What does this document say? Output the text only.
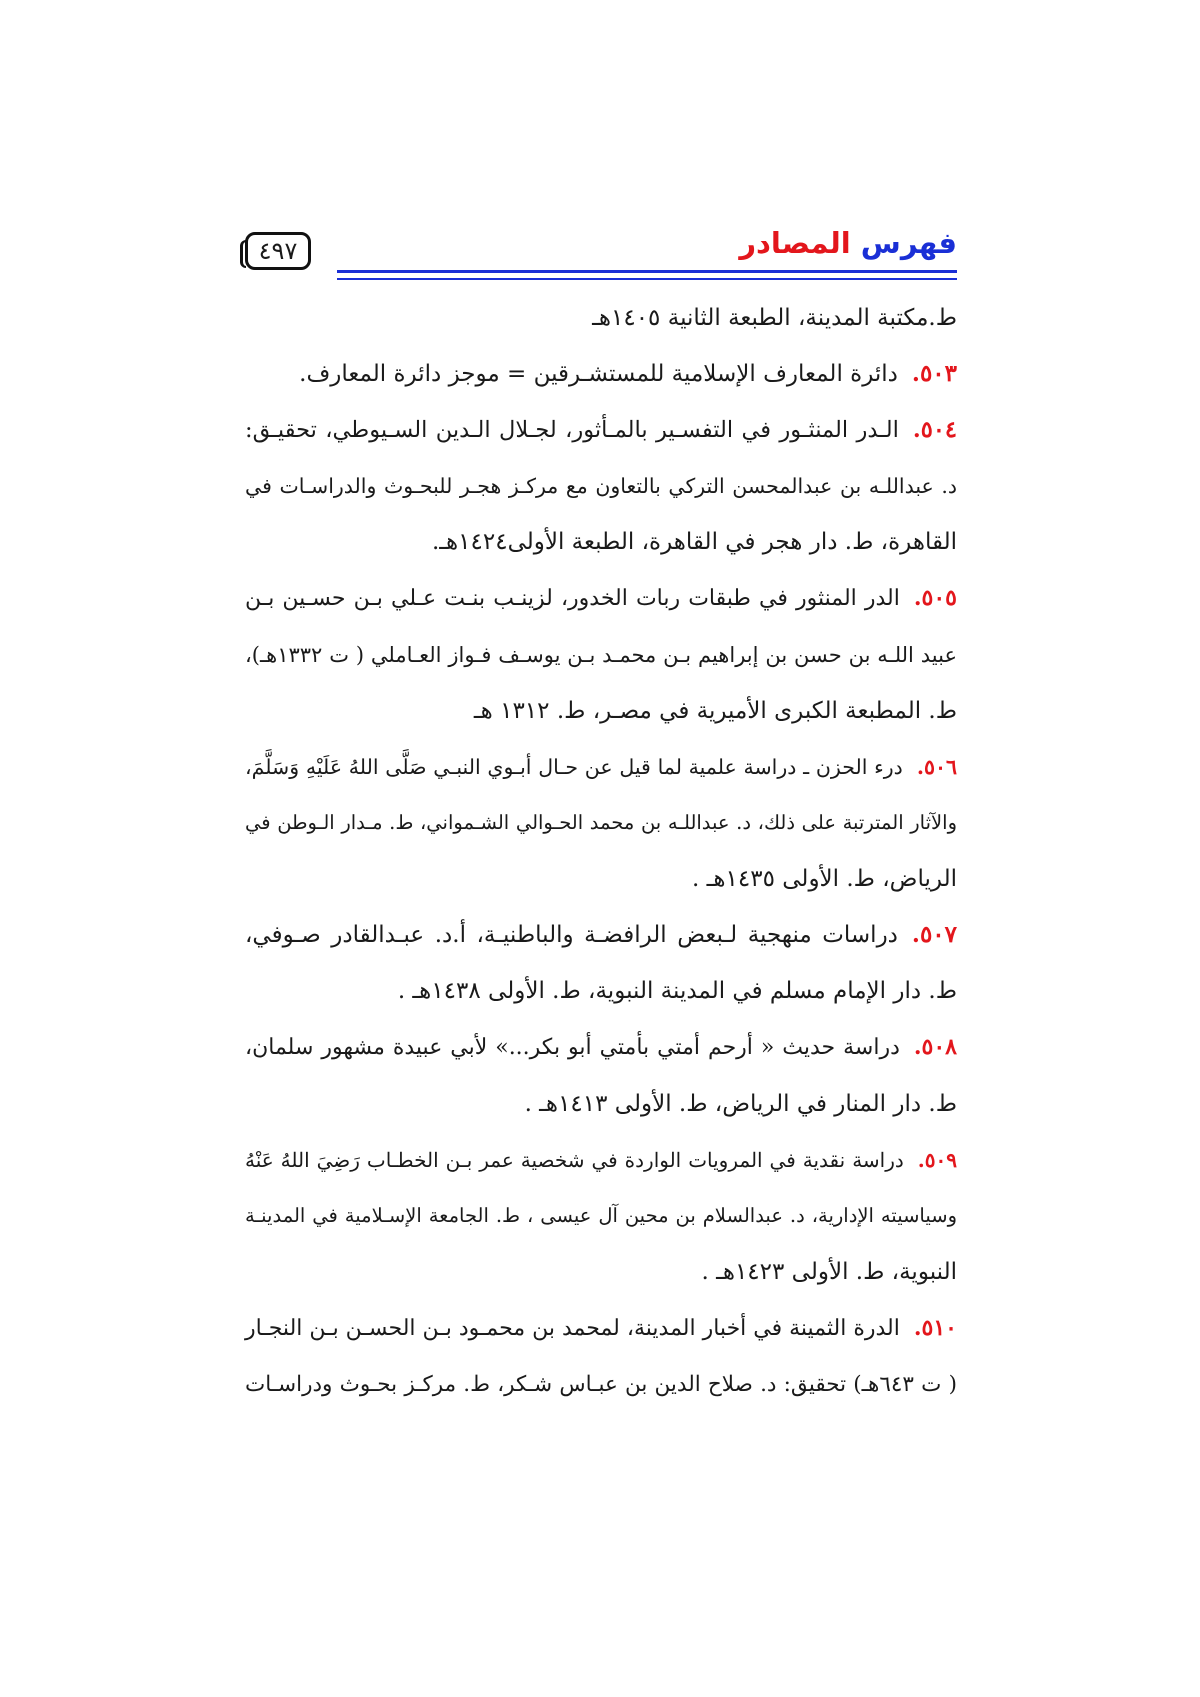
٤٩٧	فهرس المصادر
ط.مكتبة المدينة، الطبعة الثانية ١٤٠٥هـ
٥٠٣.دائرة المعارف الإسلامية للمستشـرقين = موجز دائرة المعارف.
٥٠٤.الـدر المنثـور في التفسـير بالمـأثور، لجـلال الـدين السـيوطي، تحقيـق:
د. عبداللـه بن عبدالمحسن التركي بالتعاون مع مركـز هجـر للبحـوث والدراسـات في
القاهرة، ط. دار هجر في القاهرة، الطبعة الأولى١٤٢٤هـ.
٥٠٥.الدر المنثور في طبقات ربات الخدور، لزينـب بنـت عـلي بـن حسـين بـن
عبيد اللـه بن حسن بن إبراهيم بـن محمـد بـن يوسـف فـواز العـاملي ( ت ١٣٣٢هـ)،
ط. المطبعة الكبرى الأميرية في مصـر، ط. ١٣١٢ هـ
٥٠٦.درء الحزن ـ دراسة علمية لما قيل عن حـال أبـوي النبـي صَلَّى اللهُ عَلَيْهِ وَسَلَّمَ،
والآثار المترتبة على ذلك، د. عبداللـه بن محمد الحـوالي الشـمواني، ط. مـدار الـوطن في
الرياض، ط. الأولى ١٤٣٥هـ .
٥٠٧.دراسات منهجية لـبعض الرافضـة والباطنيـة، أ.د. عبـدالقادر صـوفي،
ط. دار الإمام مسلم في المدينة النبوية، ط. الأولى ١٤٣٨هـ .
٥٠٨.دراسة حديث « أرحم أمتي بأمتي أبو بكر...» لأبي عبيدة مشهور سلمان،
ط. دار المنار في الرياض، ط. الأولى ١٤١٣هـ .
٥٠٩.دراسة نقدية في المرويات الواردة في شخصية عمر بـن الخطـاب رَضِيَ اللهُ عَنْهُ
وسياسيته الإدارية، د. عبدالسلام بن محين آل عيسى ، ط. الجامعة الإسـلامية في المدينـة
النبوية، ط. الأولى ١٤٢٣هـ .
٥١٠.الدرة الثمينة في أخبار المدينة، لمحمد بن محمـود بـن الحسـن بـن النجـار
( ت ٦٤٣هـ) تحقيق: د. صلاح الدين بن عبـاس شـكر، ط. مركـز بحـوث ودراسـات
